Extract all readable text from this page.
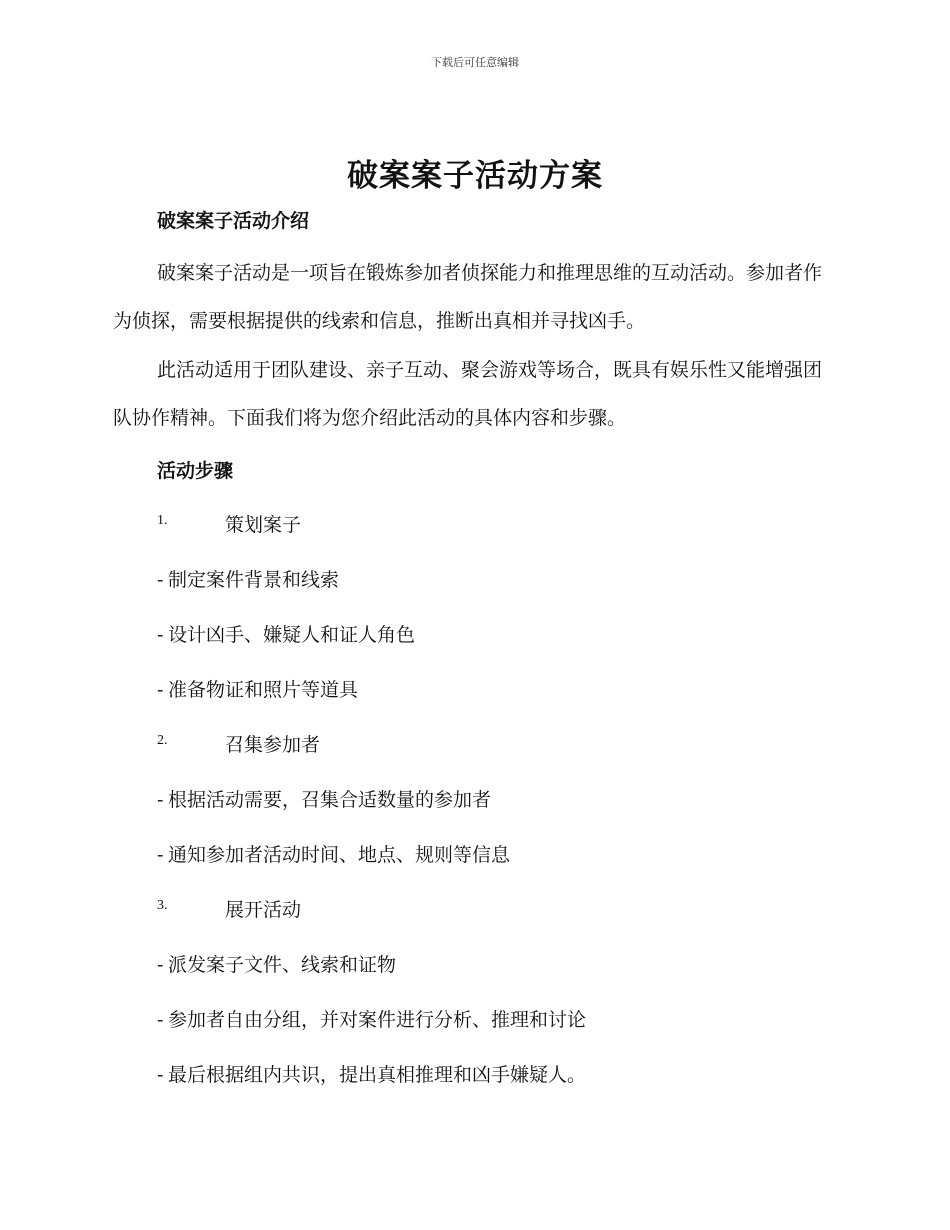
下载后可任意编辑
破案案子活动方案
破案案子活动介绍

破案案子活动是一项旨在锻炼参加者侦探能力和推理思维的互动活动。参加者作为侦探，需要根据提供的线索和信息，推断出真相并寻找凶手。

此活动适用于团队建设、亲子互动、聚会游戏等场合，既具有娱乐性又能增强团队协作精神。下面我们将为您介绍此活动的具体内容和步骤。

活动步骤
1.	策划案子
- 制定案件背景和线索
- 设计凶手、嫌疑人和证人角色
- 准备物证和照片等道具
2.	召集参加者
- 根据活动需要，召集合适数量的参加者
- 通知参加者活动时间、地点、规则等信息
3.	展开活动
- 派发案子文件、线索和证物
- 参加者自由分组，并对案件进行分析、推理和讨论
- 最后根据组内共识，提出真相推理和凶手嫌疑人。
